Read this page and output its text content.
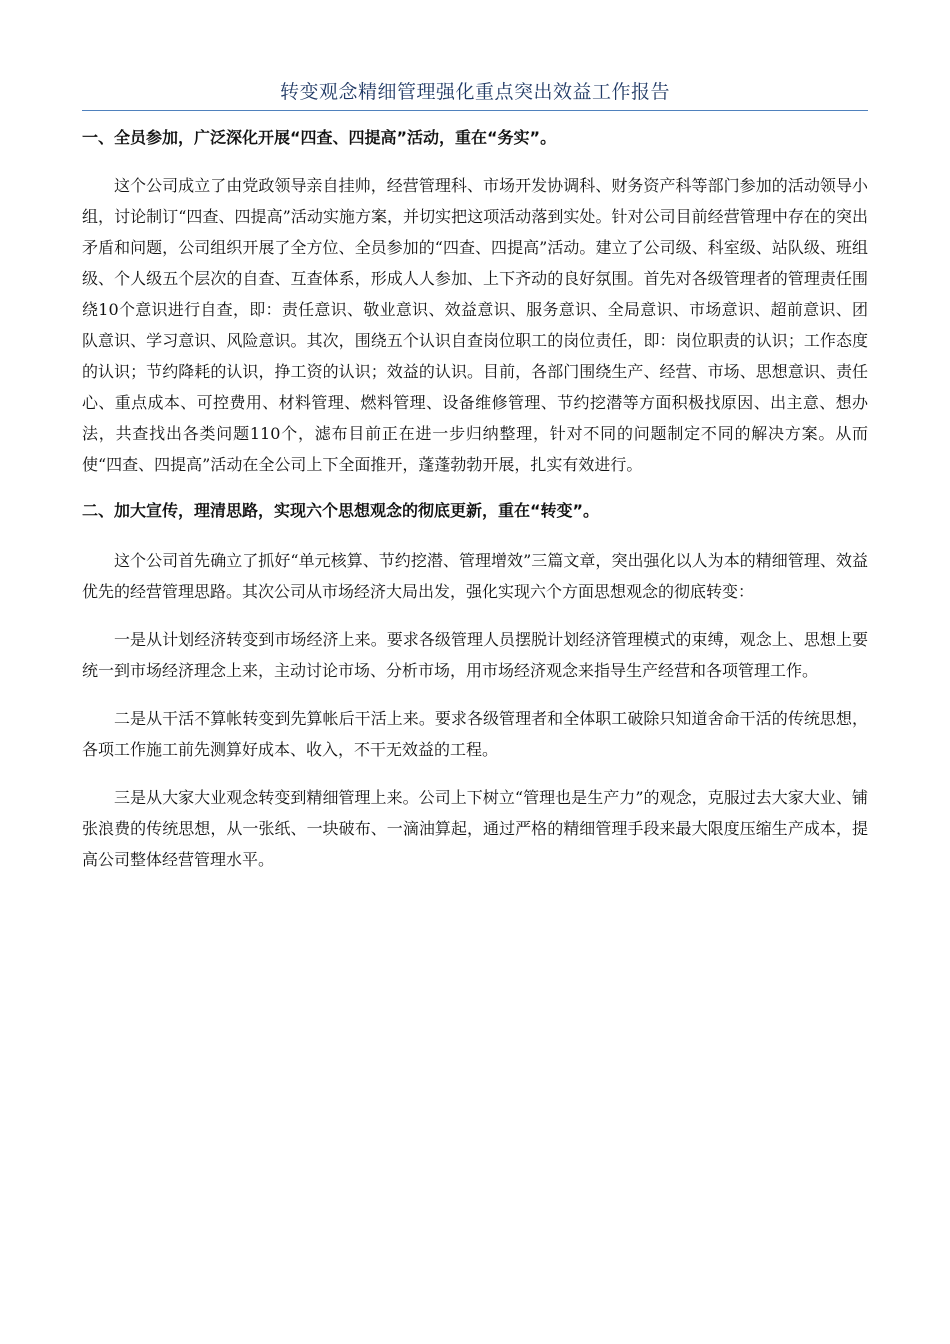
转变观念精细管理强化重点突出效益工作报告
一、全员参加，广泛深化开展“四查、四提高”活动，重在“务实”。

这个公司成立了由党政领导亲自挂帅，经营管理科、市场开发协调科、财务资产科等部门参加的活动领导小组，讨论制订“四查、四提高”活动实施方案，并切实把这项活动落到实处。针对公司目前经营管理中存在的突出矛盾和问题，公司组织开展了全方位、全员参加的“四查、四提高”活动。建立了公司级、科室级、站队级、班组级、个人级五个层次的自查、互查体系，形成人人参加、上下齐动的良好氛围。首先对各级管理者的管理责任围绕10个意识进行自查，即：责任意识、敬业意识、效益意识、服务意识、全局意识、市场意识、超前意识、团队意识、学习意识、风险意识。其次，围绕五个认识自查岗位职工的岗位责任，即：岗位职责的认识；工作态度的认识；节约降耗的认识，挣工资的认识；效益的认识。目前，各部门围绕生产、经营、市场、思想意识、责任心、重点成本、可控费用、材料管理、燃料管理、设备维修管理、节约挖潜等方面积极找原因、出主意、想办法，共查找出各类问题110个，滤布目前正在进一步归纳整理，针对不同的问题制定不同的解决方案。从而使“四查、四提高”活动在全公司上下全面推开，蓬蓬勃勃开展，扎实有效进行。

二、加大宣传，理清思路，实现六个思想观念的彻底更新，重在“转变”。

这个公司首先确立了抓好“单元核算、节约挖潜、管理增效”三篇文章，突出强化以人为本的精细管理、效益优先的经营管理思路。其次公司从市场经济大局出发，强化实现六个方面思想观念的彻底转变：

一是从计划经济转变到市场经济上来。要求各级管理人员摆脱计划经济管理模式的束缚，观念上、思想上要统一到市场经济理念上来，主动讨论市场、分析市场，用市场经济观念来指导生产经营和各项管理工作。

二是从干活不算帐转变到先算帐后干活上来。要求各级管理者和全体职工破除只知道舍命干活的传统思想，各项工作施工前先测算好成本、收入，不干无效益的工程。

三是从大家大业观念转变到精细管理上来。公司上下树立“管理也是生产力”的观念，克服过去大家大业、铺张浪费的传统思想，从一张纸、一块破布、一滴油算起，通过严格的精细管理手段来最大限度压缩生产成本，提高公司整体经营管理水平。
